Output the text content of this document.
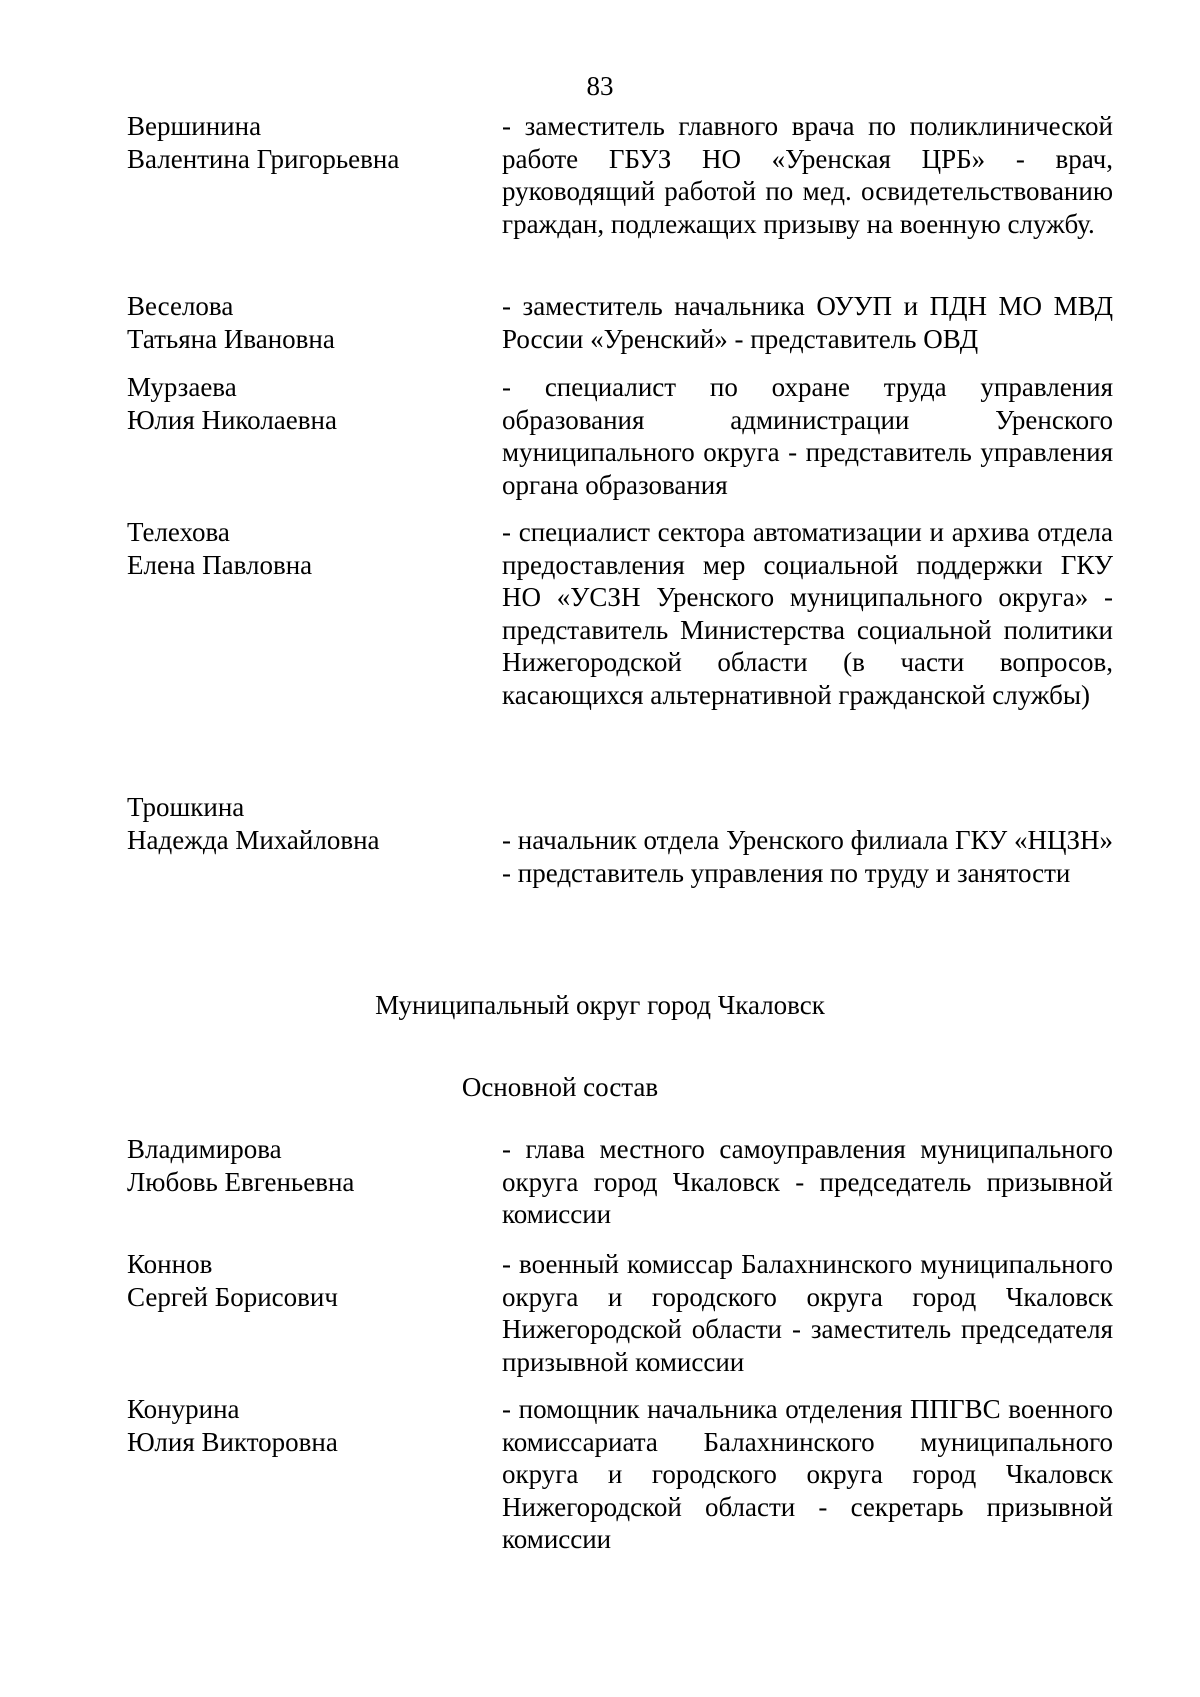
83
Вершинина
Валентина Григорьевна
- заместитель главного врача по поликлинической работе ГБУЗ НО «Уренская ЦРБ» - врач, руководящий работой по мед. освидетельствованию граждан, подлежащих призыву на военную службу.
Веселова
Татьяна Ивановна
- заместитель начальника ОУУП и ПДН МО МВД России «Уренский» - представитель ОВД
Мурзаева
Юлия Николаевна
- специалист по охране труда управления образования администрации Уренского муниципального округа - представитель управления органа образования
Телехова
Елена Павловна
- специалист сектора автоматизации и архива отдела предоставления мер социальной поддержки ГКУ НО «УСЗН Уренского муниципального округа» - представитель Министерства социальной политики Нижегородской области (в части вопросов, касающихся альтернативной гражданской службы)
Трошкина
Надежда Михайловна	- начальник отдела Уренского филиала ГКУ «НЦЗН» - представитель управления по труду и занятости
Муниципальный округ город Чкаловск
Основной состав
Владимирова
Любовь Евгеньевна
- глава местного самоуправления муниципального округа город Чкаловск - председатель призывной комиссии
Коннов
Сергей Борисович
- военный комиссар Балахнинского муниципального округа и городского округа город Чкаловск Нижегородской области - заместитель председателя призывной комиссии
Конурина
Юлия Викторовна
- помощник начальника отделения ППГВС военного комиссариата Балахнинского муниципального округа и городского округа город Чкаловск Нижегородской области - секретарь призывной комиссии
